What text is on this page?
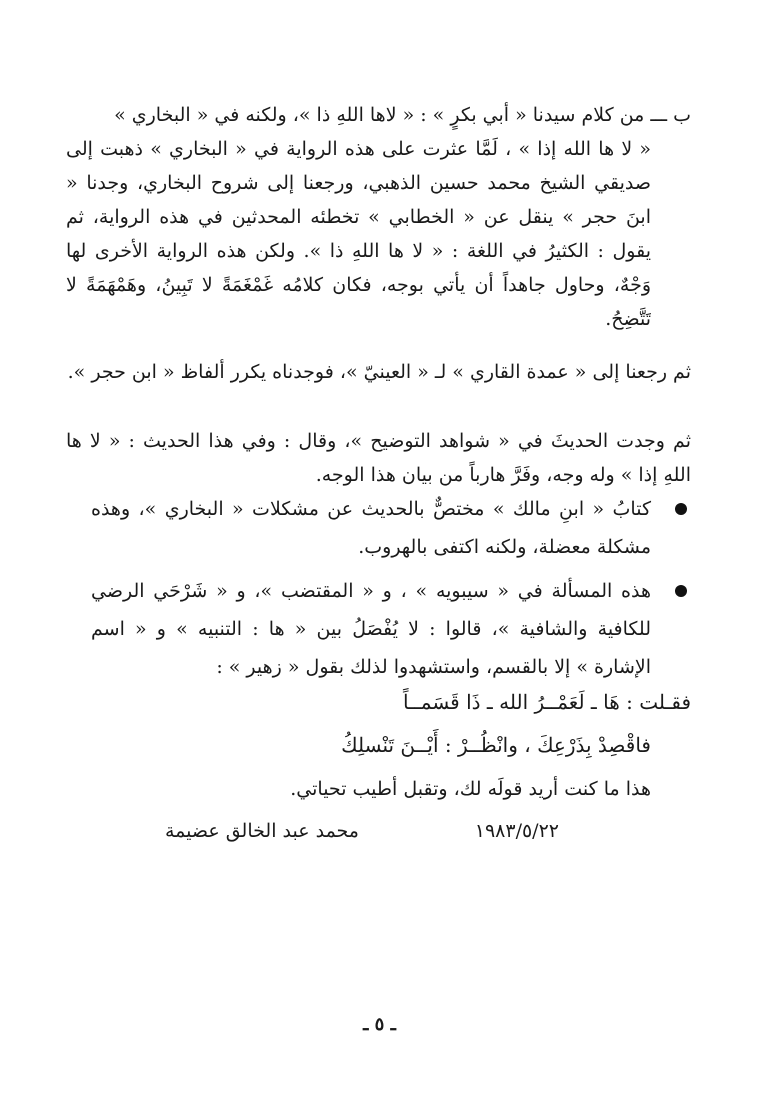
ب ـــ من كلام سيدنا « أبي بكرٍ » : « لاها اللهِ ذا »، ولكنه في « البخاري »

« لا ها الله إذا » ، لَمَّا عثرت على هذه الرواية في « البخاري » ذهبت إلى صديقي الشيخ محمد حسين الذهبي، ورجعنا إلى شروح البخاري، وجدنا « ابنَ حجر » ينقل عن « الخطابي » تخطئه المحدثين في هذه الرواية، ثم يقول : الكثيرُ في اللغة : « لا ها اللهِ ذا ». ولكن هذه الرواية الأخرى لها وَجْهٌ، وحاول جاهداً أن يأتي بوجه، فكان كلامُه غَمْغَمَةً لا تَبِينُ، وهَمْهَمَةً لا تَتَّضِحُ.

ثم رجعنا إلى « عمدة القاري » لـ « العينيّ »، فوجدناه يكرر ألفاظ « ابن حجر ».

ثم وجدت الحديثَ في « شواهد التوضيح »، وقال : وفي هذا الحديث : « لا ها اللهِ إذا » وله وجه، وفَرَّ هارباً من بيان هذا الوجه.

كتابُ « ابنِ مالك » مختصٌّ بالحديث عن مشكلات « البخاري »، وهذه مشكلة معضلة، ولكنه اكتفى بالهروب.

هذه المسألة في « سيبويه » ، و « المقتضب »، و « شَرْحَي الرضي للكافية والشافية »، قالوا : لا يُفْصَلُ بين « ها : التنبيه » و « اسم الإشارة » إلا بالقسم، واستشهدوا لذلك بقول « زهير » :

فقـلت : هَا ـ لَعَمْــرُ الله ـ ذَا قَسَمــاً
فاقْصِدْ بِذَرْعِكَ ، وانْظُــرْ : أَيْــنَ تَنْسلِكُ
هذا ما كنت أريد قولَه لك، وتقبل أطيب تحياتي.
١٩٨٣/٥/٢٢
محمد عبد الخالق عضيمة
ـ ٥ ـ
